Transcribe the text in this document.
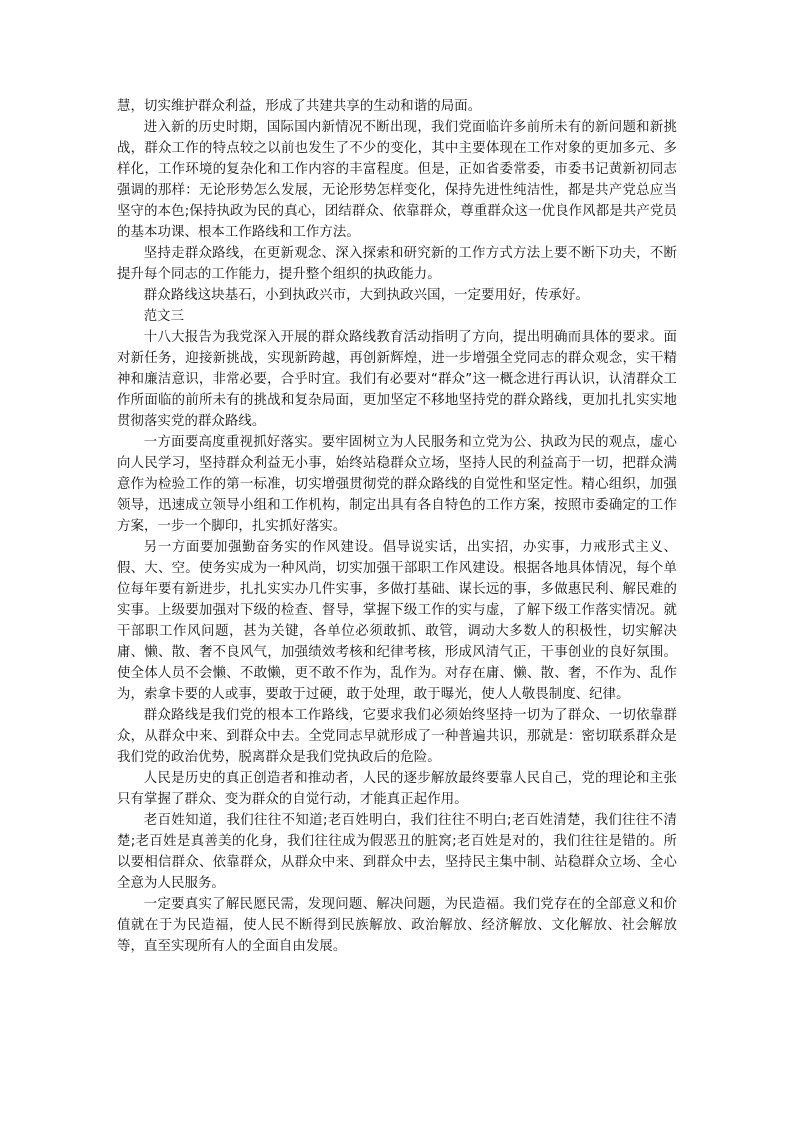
慧，切实维护群众利益，形成了共建共享的生动和谐的局面。

进入新的历史时期，国际国内新情况不断出现，我们党面临许多前所未有的新问题和新挑战，群众工作的特点较之以前也发生了不少的变化，其中主要体现在工作对象的更加多元、多样化，工作环境的复杂化和工作内容的丰富程度。但是，正如省委常委，市委书记黄新初同志强调的那样：无论形势怎么发展，无论形势怎样变化，保持先进性纯洁性，都是共产党总应当坚守的本色;保持执政为民的真心，团结群众、依靠群众，尊重群众这一优良作风都是共产党员的基本功课、根本工作路线和工作方法。

坚持走群众路线，在更新观念、深入探索和研究新的工作方式方法上要不断下功夫，不断提升每个同志的工作能力，提升整个组织的执政能力。

群众路线这块基石，小到执政兴市，大到执政兴国，一定要用好，传承好。

范文三

十八大报告为我党深入开展的群众路线教育活动指明了方向，提出明确而具体的要求。面对新任务，迎接新挑战，实现新跨越，再创新辉煌，进一步增强全党同志的群众观念，实干精神和廉洁意识，非常必要，合乎时宜。我们有必要对“群众”这一概念进行再认识，认清群众工作所面临的前所未有的挑战和复杂局面，更加坚定不移地坚持党的群众路线，更加扎扎实实地贯彻落实党的群众路线。

一方面要高度重视抓好落实。要牢固树立为人民服务和立党为公、执政为民的观点，虚心向人民学习，坚持群众利益无小事，始终站稳群众立场，坚持人民的利益高于一切，把群众满意作为检验工作的第一标准，切实增强贯彻党的群众路线的自觉性和坚定性。精心组织，加强领导，迅速成立领导小组和工作机构，制定出具有各自特色的工作方案，按照市委确定的工作方案，一步一个脚印，扎实抓好落实。

另一方面要加强勤奋务实的作风建设。倡导说实话，出实招，办实事，力戒形式主义、假、大、空。使务实成为一种风尚，切实加强干部职工作风建设。根据各地具体情况，每个单位每年要有新进步，扎扎实实办几件实事，多做打基础、谋长远的事，多做惠民利、解民难的实事。上级要加强对下级的检查、督导，掌握下级工作的实与虚，了解下级工作落实情况。就干部职工作风问题，甚为关键，各单位必须敢抓、敢管，调动大多数人的积极性，切实解决庸、懒、散、奢不良风气，加强绩效考核和纪律考核，形成风清气正，干事创业的良好氛围。使全体人员不会懒、不敢懒，更不敢不作为，乱作为。对存在庸、懒、散、奢，不作为、乱作为，索拿卡要的人或事，要敢于过硬，敢于处理，敢于曝光，使人人敬畏制度、纪律。

群众路线是我们党的根本工作路线，它要求我们必须始终坚持一切为了群众、一切依靠群众，从群众中来、到群众中去。全党同志早就形成了一种普遍共识，那就是：密切联系群众是我们党的政治优势，脱离群众是我们党执政后的危险。

人民是历史的真正创造者和推动者，人民的逐步解放最终要靠人民自己，党的理论和主张只有掌握了群众、变为群众的自觉行动，才能真正起作用。

老百姓知道，我们往往不知道;老百姓明白，我们往往不明白;老百姓清楚，我们往往不清楚;老百姓是真善美的化身，我们往往成为假恶丑的脏窝;老百姓是对的，我们往往是错的。所以要相信群众、依靠群众，从群众中来、到群众中去，坚持民主集中制、站稳群众立场、全心全意为人民服务。

一定要真实了解民愿民需，发现问题、解决问题，为民造福。我们党存在的全部意义和价值就在于为民造福，使人民不断得到民族解放、政治解放、经济解放、文化解放、社会解放等，直至实现所有人的全面自由发展。
